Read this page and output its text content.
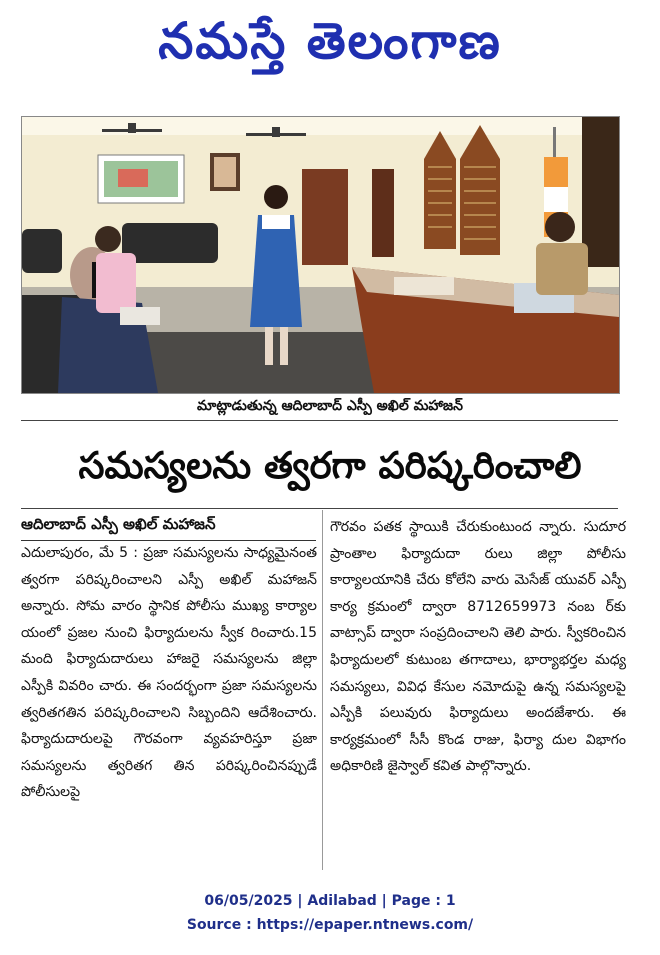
నమస్తే తెలంగాణ
మాట్లాడుతున్న ఆదిలాబాద్ ఎస్పీ అఖిల్ మహాజన్
సమస్యలను త్వరగా పరిష్కరించాలి
ఆదిలాబాద్ ఎస్పీ అఖిల్ మహాజన్

ఎదులాపురం, మే 5 : ప్రజా సమస్యలను సాధ్యమైనంత త్వరగా పరిష్కరించాలని ఎస్పీ అఖిల్ మహాజన్ అన్నారు. సోమ వారం స్థానిక పోలీసు ముఖ్య కార్యాల యంలో ప్రజల నుంచి ఫిర్యాదులను స్వీక రించారు.15 మంది ఫిర్యాదుదారులు హాజరై సమస్యలను జిల్లా ఎస్పీకి వివరిం చారు. ఈ సందర్భంగా ప్రజా సమస్యలను త్వరితగతిన పరిష్కరించాలని సిబ్బందిని ఆదేశించారు. ఫిర్యాదుదారులపై గౌరవంగా వ్యవహరిస్తూ ప్రజా సమస్యలను త్వరితగ తిన పరిష్కరించినప్పుడే పోలీసులపై

గౌరవం పతక స్థాయికి చేరుకుంటుంద న్నారు. సుదూర ప్రాంతాల ఫిర్యాదుదా రులు జిల్లా పోలీసు కార్యాలయానికి చేరు కోలేని వారు మెసేజ్ యువర్ ఎస్పీ కార్య క్రమంలో ద్వారా 8712659973 నంబ ర్‌కు వాట్సాప్ ద్వారా సంప్రదించాలని తెలి పారు. స్వీకరించిన ఫిర్యాదులలో కుటుంబ తగాదాలు, భార్యాభర్తల మధ్య సమస్యలు, వివిధ కేసుల నమోదుపై ఉన్న సమస్యలపై ఎస్పీకి పలువురు ఫిర్యాదులు అందజేశారు. ఈ కార్యక్రమంలో సీసీ కొండ రాజు, ఫిర్యా దుల విభాగం అధికారిణి జైస్వాల్ కవిత పాల్గొన్నారు.

06/05/2025 | Adilabad | Page : 1
Source : https://epaper.ntnews.com/
